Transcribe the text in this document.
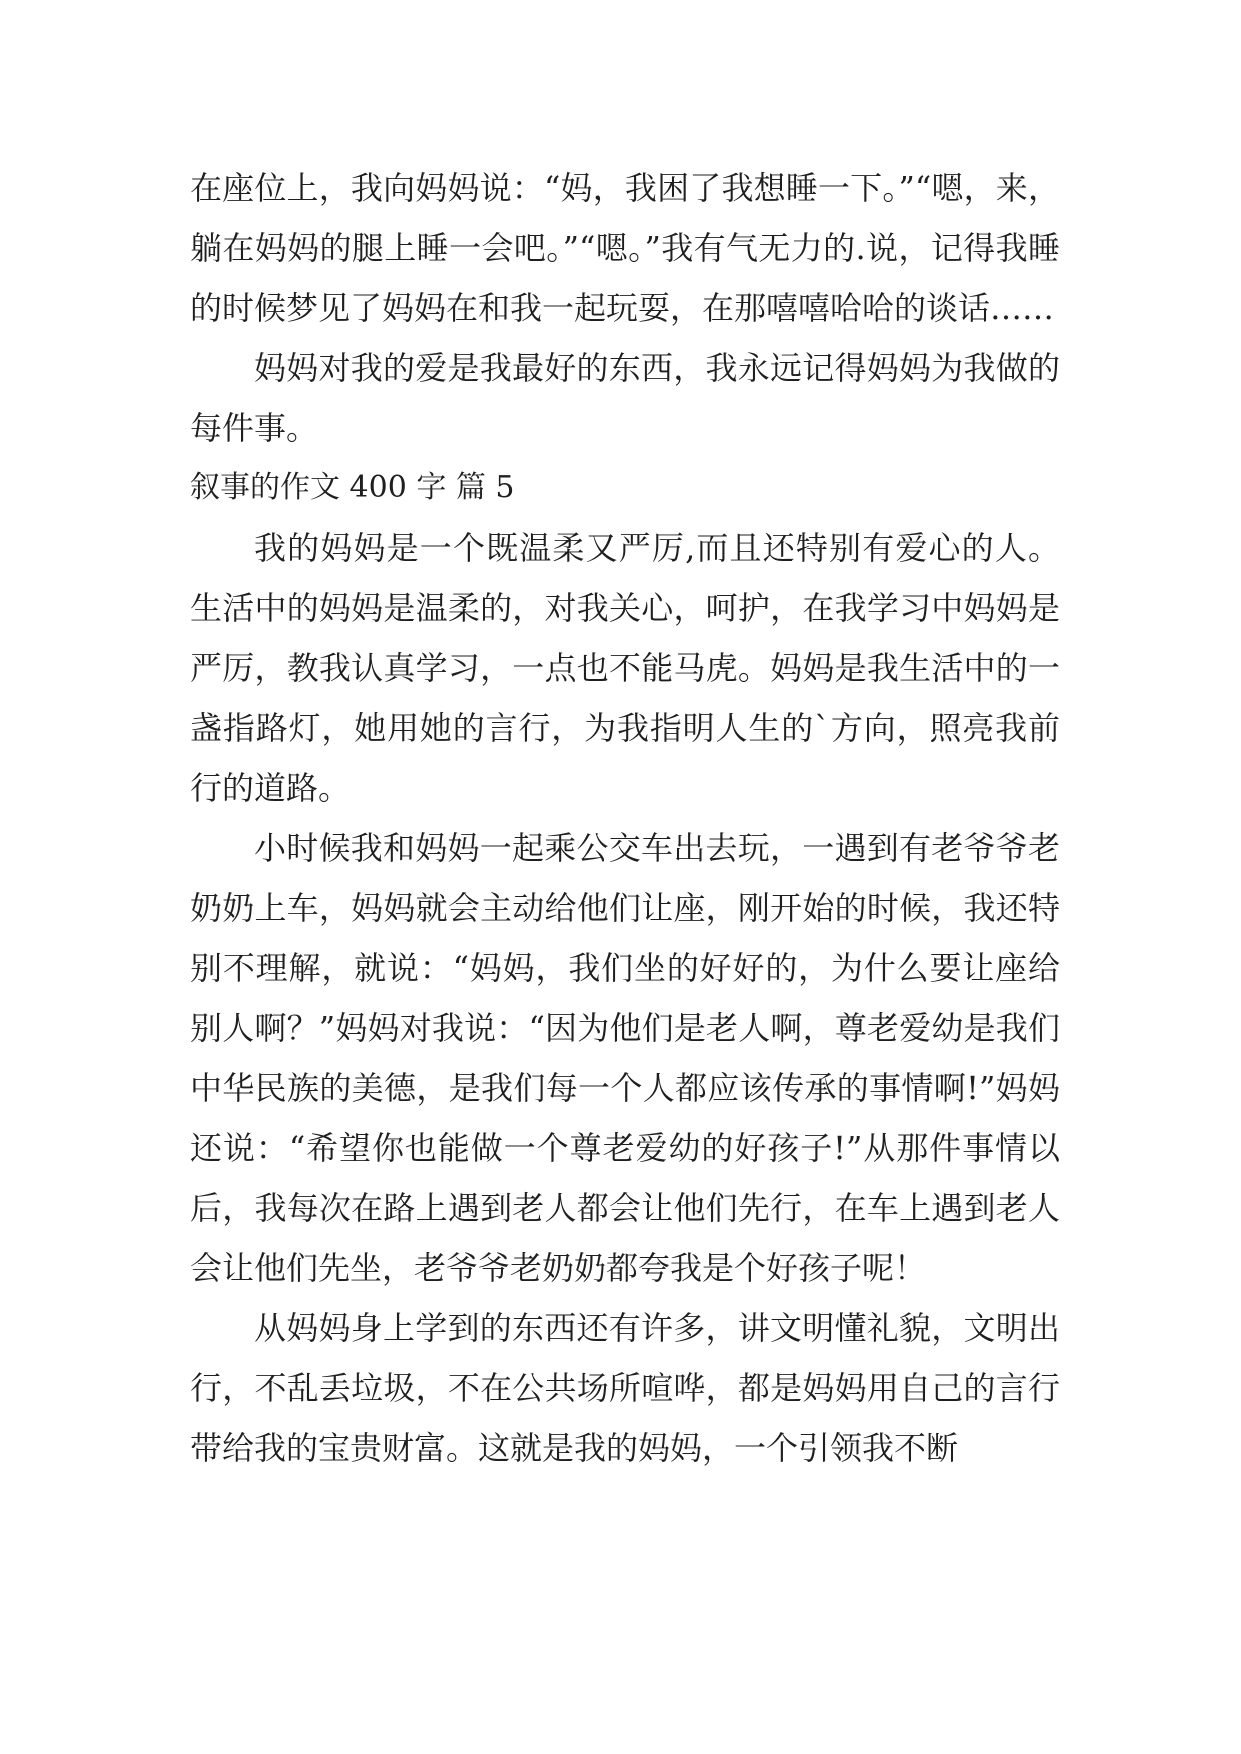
在座位上，我向妈妈说：“妈，我困了我想睡一下。”“嗯，来，躺在妈妈的腿上睡一会吧。”“嗯。”我有气无力的.说，记得我睡的时候梦见了妈妈在和我一起玩耍，在那嘻嘻哈哈的谈话……

妈妈对我的爱是我最好的东西，我永远记得妈妈为我做的每件事。

叙事的作文 400 字 篇 5

我的妈妈是一个既温柔又严厉,而且还特别有爱心的人。生活中的妈妈是温柔的，对我关心，呵护，在我学习中妈妈是严厉，教我认真学习，一点也不能马虎。妈妈是我生活中的一盏指路灯，她用她的言行，为我指明人生的`方向，照亮我前行的道路。

小时候我和妈妈一起乘公交车出去玩，一遇到有老爷爷老奶奶上车，妈妈就会主动给他们让座，刚开始的时候，我还特别不理解，就说：“妈妈，我们坐的好好的，为什么要让座给别人啊？”妈妈对我说：“因为他们是老人啊，尊老爱幼是我们中华民族的美德，是我们每一个人都应该传承的事情啊!”妈妈还说：“希望你也能做一个尊老爱幼的好孩子!”从那件事情以后，我每次在路上遇到老人都会让他们先行，在车上遇到老人会让他们先坐，老爷爷老奶奶都夸我是个好孩子呢！

从妈妈身上学到的东西还有许多，讲文明懂礼貌，文明出行，不乱丢垃圾，不在公共场所喧哗，都是妈妈用自己的言行带给我的宝贵财富。这就是我的妈妈，一个引领我不断
